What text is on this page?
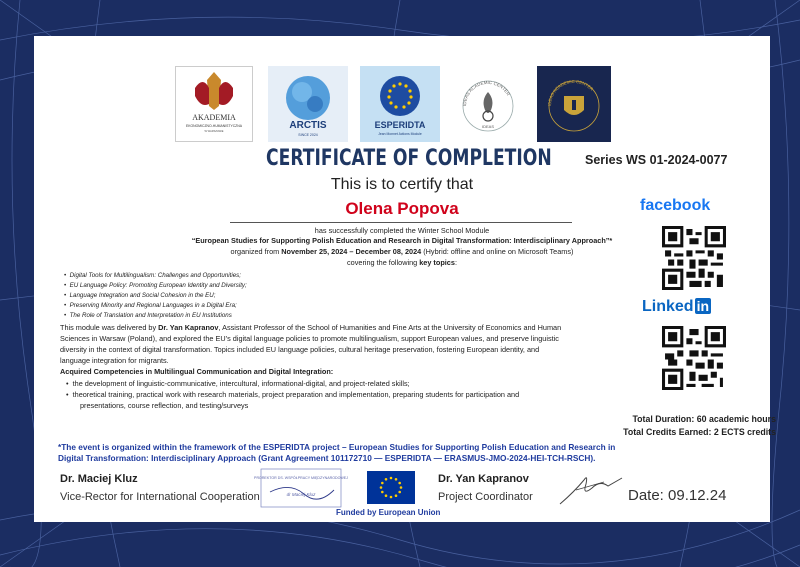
AKADEMIA
EKONOMICZNO-HUMANISTYCZNA
W WARSZAWIE
ARCTIS
SINCE 2024
ESPERIDTA
Jean Monnet Actions Module
IDEAS ACADEMIC CENTER
IDEAS
IDEAS ACADEMIC CENTER

CERTIFICATE OF COMPLETION	Series WS 01-2024-0077

This is to certify that

Olena Popova

has successfully completed the Winter School Module

“European Studies for Supporting Polish Education and Research in Digital Transformation: Interdisciplinary Approach”*

organized from November 25, 2024 – December 08, 2024 (Hybrid: offline and online on Microsoft Teams)

covering the following key topics:

•  Digital Tools for Multilingualism: Challenges and Opportunities;

•  EU Language Policy: Promoting European Identity and Diversity;

•  Language Integration and Social Cohesion in the EU;

•  Preserving Minority and Regional Languages in a Digital Era;

•  The Role of Translation and Interpretation in EU Institutions

This module was delivered by Dr. Yan Kapranov, Assistant Professor of the School of Humanities and Fine Arts at the University of Economics and Human

Sciences in Warsaw (Poland), and explored the EU’s digital language policies to promote multilingualism, support European values, and preserve linguistic

diversity in the context of digital transformation. Topics included EU language policies, cultural heritage preservation, fostering European identity, and

language integration for migrants.

Acquired Competencies in Multilingual Communication and Digital Integration:

•  the development of linguistic-communicative, intercultural, informational-digital, and project-related skills;

•  theoretical training, practical work with research materials, project preparation and implementation, preparing students for participation and

presentations, course reflection, and testing/surveys

facebook

Linked in

Total Duration: 60 academic hours

Total Credits Earned: 2 ECTS credits

*The event is organized within the framework of the ESPERIDTA project – European Studies for Supporting Polish Education and Research in

Digital Transformation: Interdisciplinary Approach (Grant Agreement 101172710 — ESPERIDTA — ERASMUS-JMO-2024-HEI-TCH-RSCH).

Dr. Maciej Kluz

Vice-Rector for International Cooperation

PROREKTOR DS. WSPÓŁPRACY MIĘDZYNARODOWEJ
dr Maciej Kluz

Funded by European Union

Dr. Yan Kapranov

Project Coordinator	Date: 09.12.24
